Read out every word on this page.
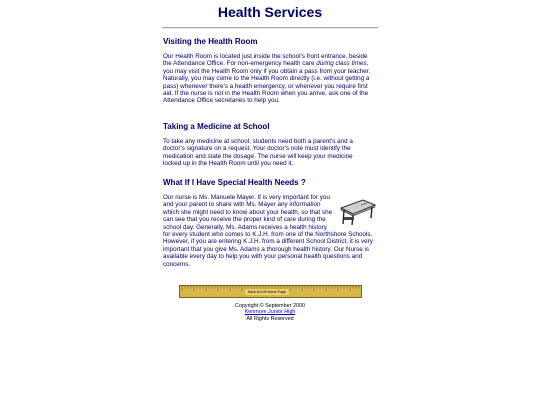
Health Services
Visiting the Health Room

Our Health Room is located just inside the school's front entrance, beside the Attendance Office. For non-emergency health care during class times, you may visit the Health Room only if you obtain a pass from your teacher. Naturally, you may come to the Health Room directly (i.e. without getting a pass) whenever there's a health emergency, or whenever you require first aid. If the nurse is not in the Health Room when you arrive, ask one of the Attendance Office secretaries to help you.

Taking a Medicine at School

To take any medicine at school, students need both a parent's and a doctor's signature on a request. Your doctor's note must identify the medication and state the dosage. The nurse will keep your medicine locked up in the Health Room until you need it.

What If I Have Special Health Needs ?

Our nurse is Ms. Manuele Mayer. It is very important for you and your parent to share with Ms. Mayer any information which she might need to know about your health, so that she can see that you receive the proper kind of care during the school day. Generally, Ms. Adams receives a health history for every student who comes to K.J.H. from one of the Northshore Schools. However, if you are entering K.J.H. from a different School District, it is very important that you give Ms. Adams a thorough health history. Our Nurse is available every day to help you with your personal health questions and concerns.

Back to KJH Home Page
Copyright © September 2000
Kenmore Junior High
All Rights Reserved
